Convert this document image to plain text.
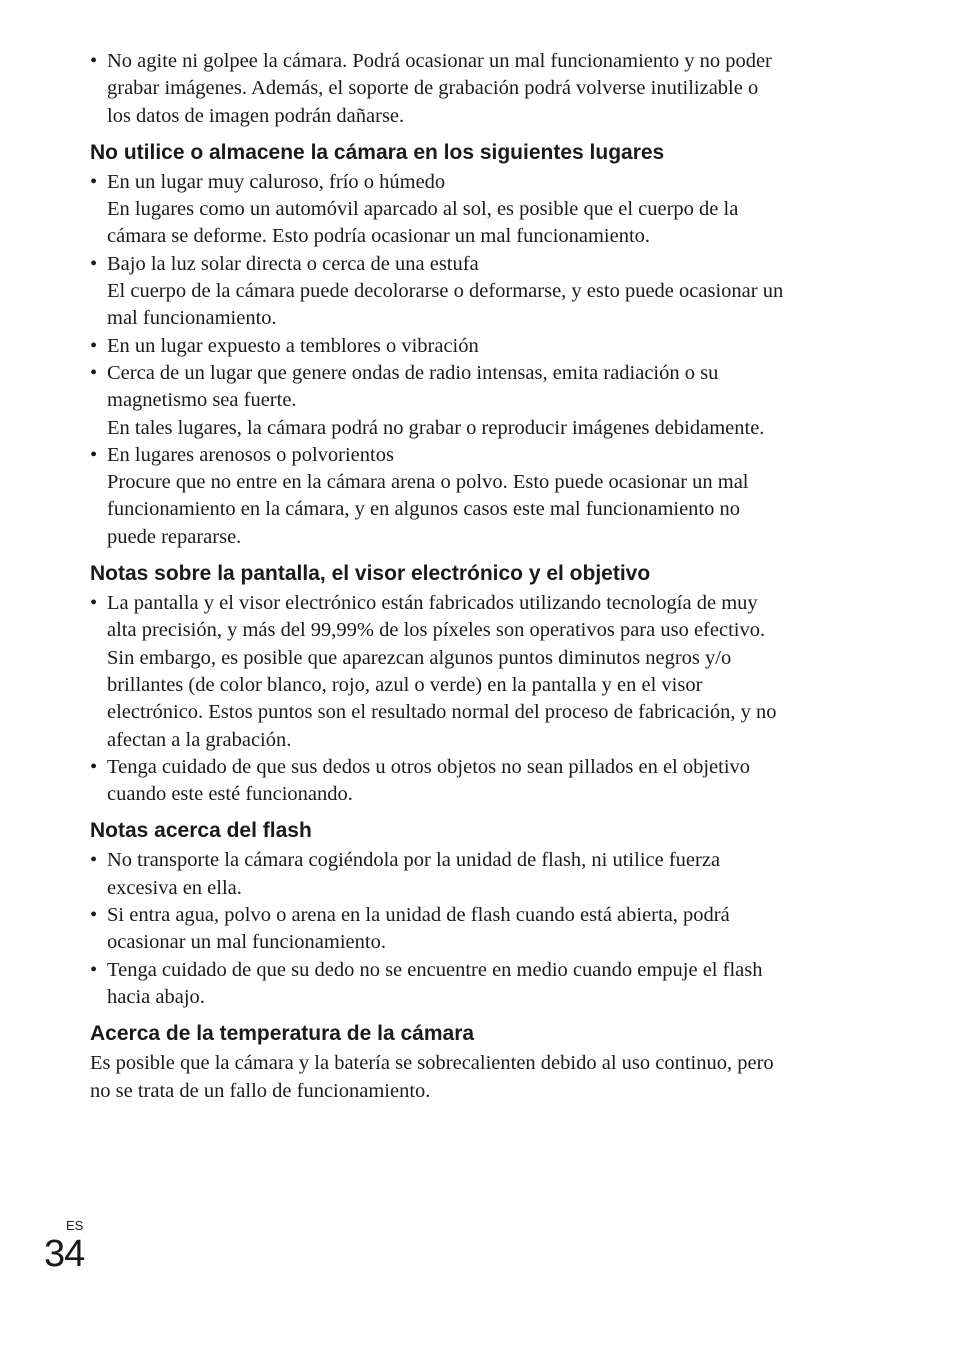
• No agite ni golpee la cámara. Podrá ocasionar un mal funcionamiento y no poder
grabar imágenes. Además, el soporte de grabación podrá volverse inutilizable o
los datos de imagen podrán dañarse.
No utilice o almacene la cámara en los siguientes lugares
• En un lugar muy caluroso, frío o húmedo
En lugares como un automóvil aparcado al sol, es posible que el cuerpo de la
cámara se deforme. Esto podría ocasionar un mal funcionamiento.
• Bajo la luz solar directa o cerca de una estufa
El cuerpo de la cámara puede decolorarse o deformarse, y esto puede ocasionar un
mal funcionamiento.
• En un lugar expuesto a temblores o vibración
• Cerca de un lugar que genere ondas de radio intensas, emita radiación o su
magnetismo sea fuerte.
En tales lugares, la cámara podrá no grabar o reproducir imágenes debidamente.
• En lugares arenosos o polvorientos
Procure que no entre en la cámara arena o polvo. Esto puede ocasionar un mal
funcionamiento en la cámara, y en algunos casos este mal funcionamiento no
puede repararse.
Notas sobre la pantalla, el visor electrónico y el objetivo
• La pantalla y el visor electrónico están fabricados utilizando tecnología de muy
alta precisión, y más del 99,99% de los píxeles son operativos para uso efectivo.
Sin embargo, es posible que aparezcan algunos puntos diminutos negros y/o
brillantes (de color blanco, rojo, azul o verde) en la pantalla y en el visor
electrónico. Estos puntos son el resultado normal del proceso de fabricación, y no
afectan a la grabación.
• Tenga cuidado de que sus dedos u otros objetos no sean pillados en el objetivo
cuando este esté funcionando.
Notas acerca del flash
• No transporte la cámara cogiéndola por la unidad de flash, ni utilice fuerza
excesiva en ella.
• Si entra agua, polvo o arena en la unidad de flash cuando está abierta, podrá
ocasionar un mal funcionamiento.
• Tenga cuidado de que su dedo no se encuentre en medio cuando empuje el flash
hacia abajo.
Acerca de la temperatura de la cámara

Es posible que la cámara y la batería se sobrecalienten debido al uso continuo, pero
no se trata de un fallo de funcionamiento.

ES
34
